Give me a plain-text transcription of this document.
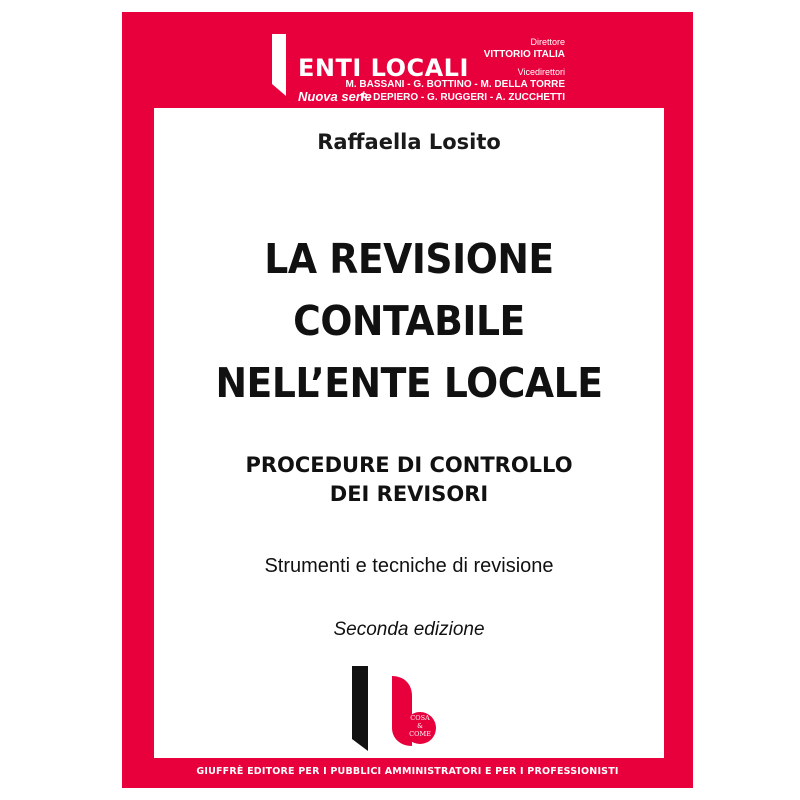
ENTI LOCALI
Nuova serie
Direttore
VITTORIO ITALIA
Vicedirettori
M. BASSANI - G. BOTTINO - M. DELLA TORRE
R. DEPIERO - G. RUGGERI - A. ZUCCHETTI
Raffaella Losito
LA REVISIONE
CONTABILE
NELL’ENTE LOCALE
PROCEDURE DI CONTROLLO
DEI REVISORI
Strumenti e tecniche di revisione
Seconda edizione
COSA
&
COME
GIUFFRÈ EDITORE PER I PUBBLICI AMMINISTRATORI E PER I PROFESSIONISTI
